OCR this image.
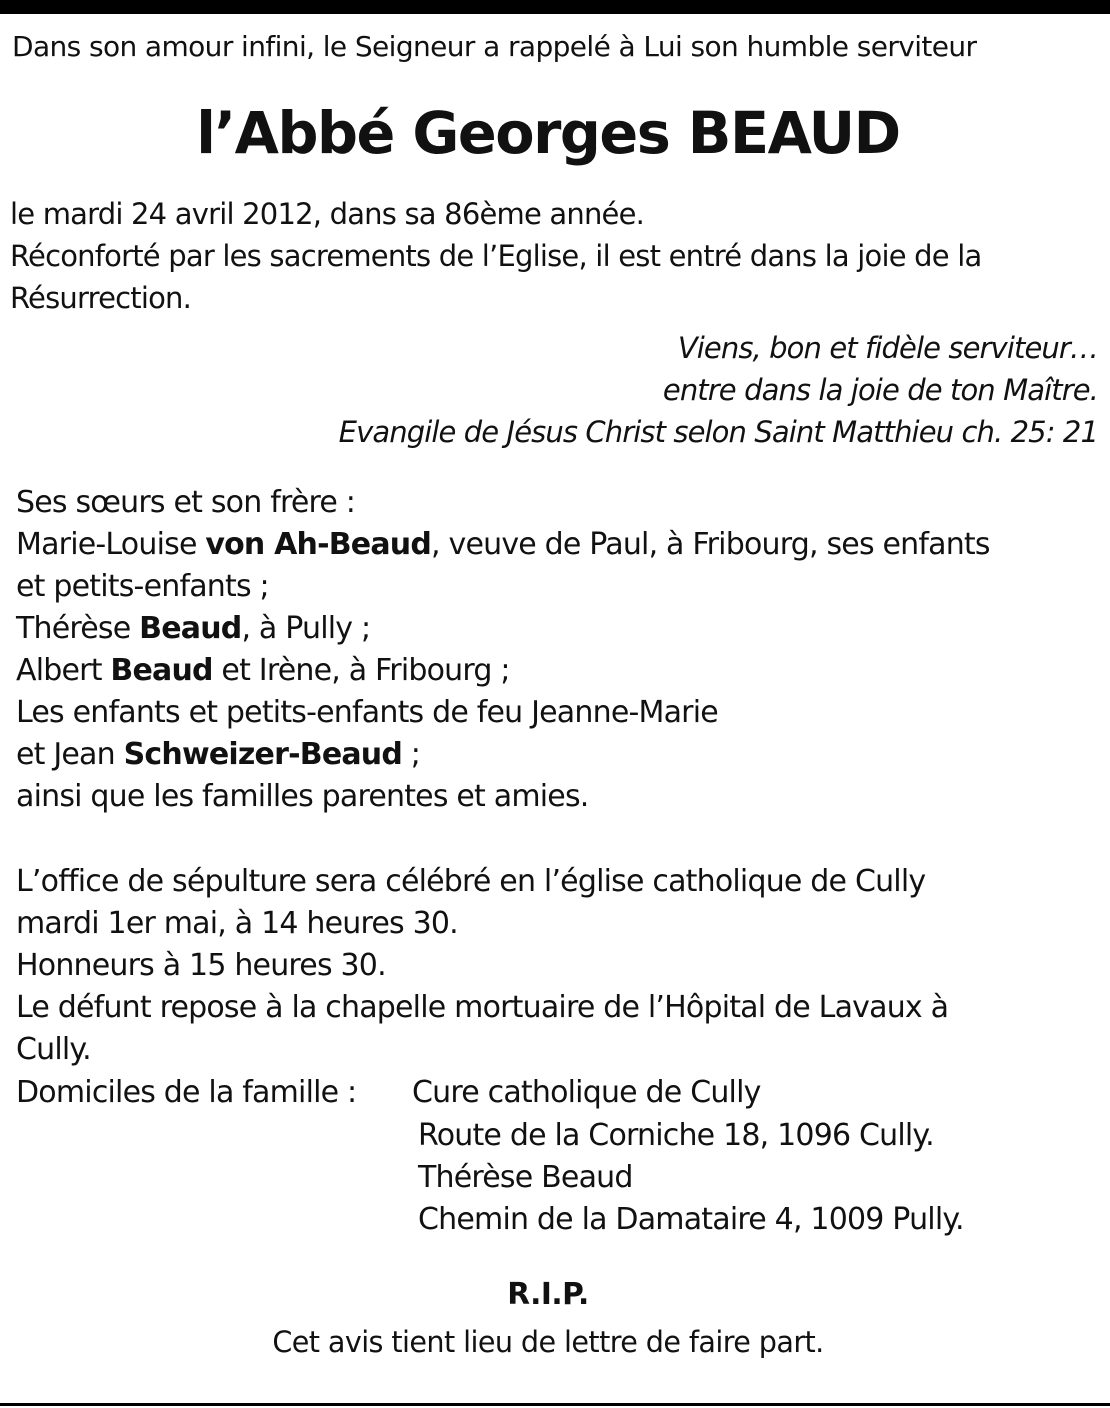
Dans son amour infini, le Seigneur a rappelé à Lui son humble serviteur
l’Abbé Georges BEAUD
le mardi 24 avril 2012, dans sa 86ème année.
Réconforté par les sacrements de l’Eglise, il est entré dans la joie de la
Résurrection.
Viens, bon et fidèle serviteur…
entre dans la joie de ton Maître.
Evangile de Jésus Christ selon Saint Matthieu ch. 25: 21
Ses sœurs et son frère :
Marie-Louise von Ah-Beaud, veuve de Paul, à Fribourg, ses enfants
et petits-enfants ;
Thérèse Beaud, à Pully ;
Albert Beaud et Irène, à Fribourg ;
Les enfants et petits-enfants de feu Jeanne-Marie
et Jean Schweizer-Beaud ;
ainsi que les familles parentes et amies.
L’office de sépulture sera célébré en l’église catholique de Cully
mardi 1er mai, à 14 heures 30.
Honneurs à 15 heures 30.
Le défunt repose à la chapelle mortuaire de l’Hôpital de Lavaux à
Cully.
Domiciles de la famille : Cure catholique de Cully
Route de la Corniche 18, 1096 Cully.
Thérèse Beaud
Chemin de la Damataire 4, 1009 Pully.
R.I.P.
Cet avis tient lieu de lettre de faire part.
